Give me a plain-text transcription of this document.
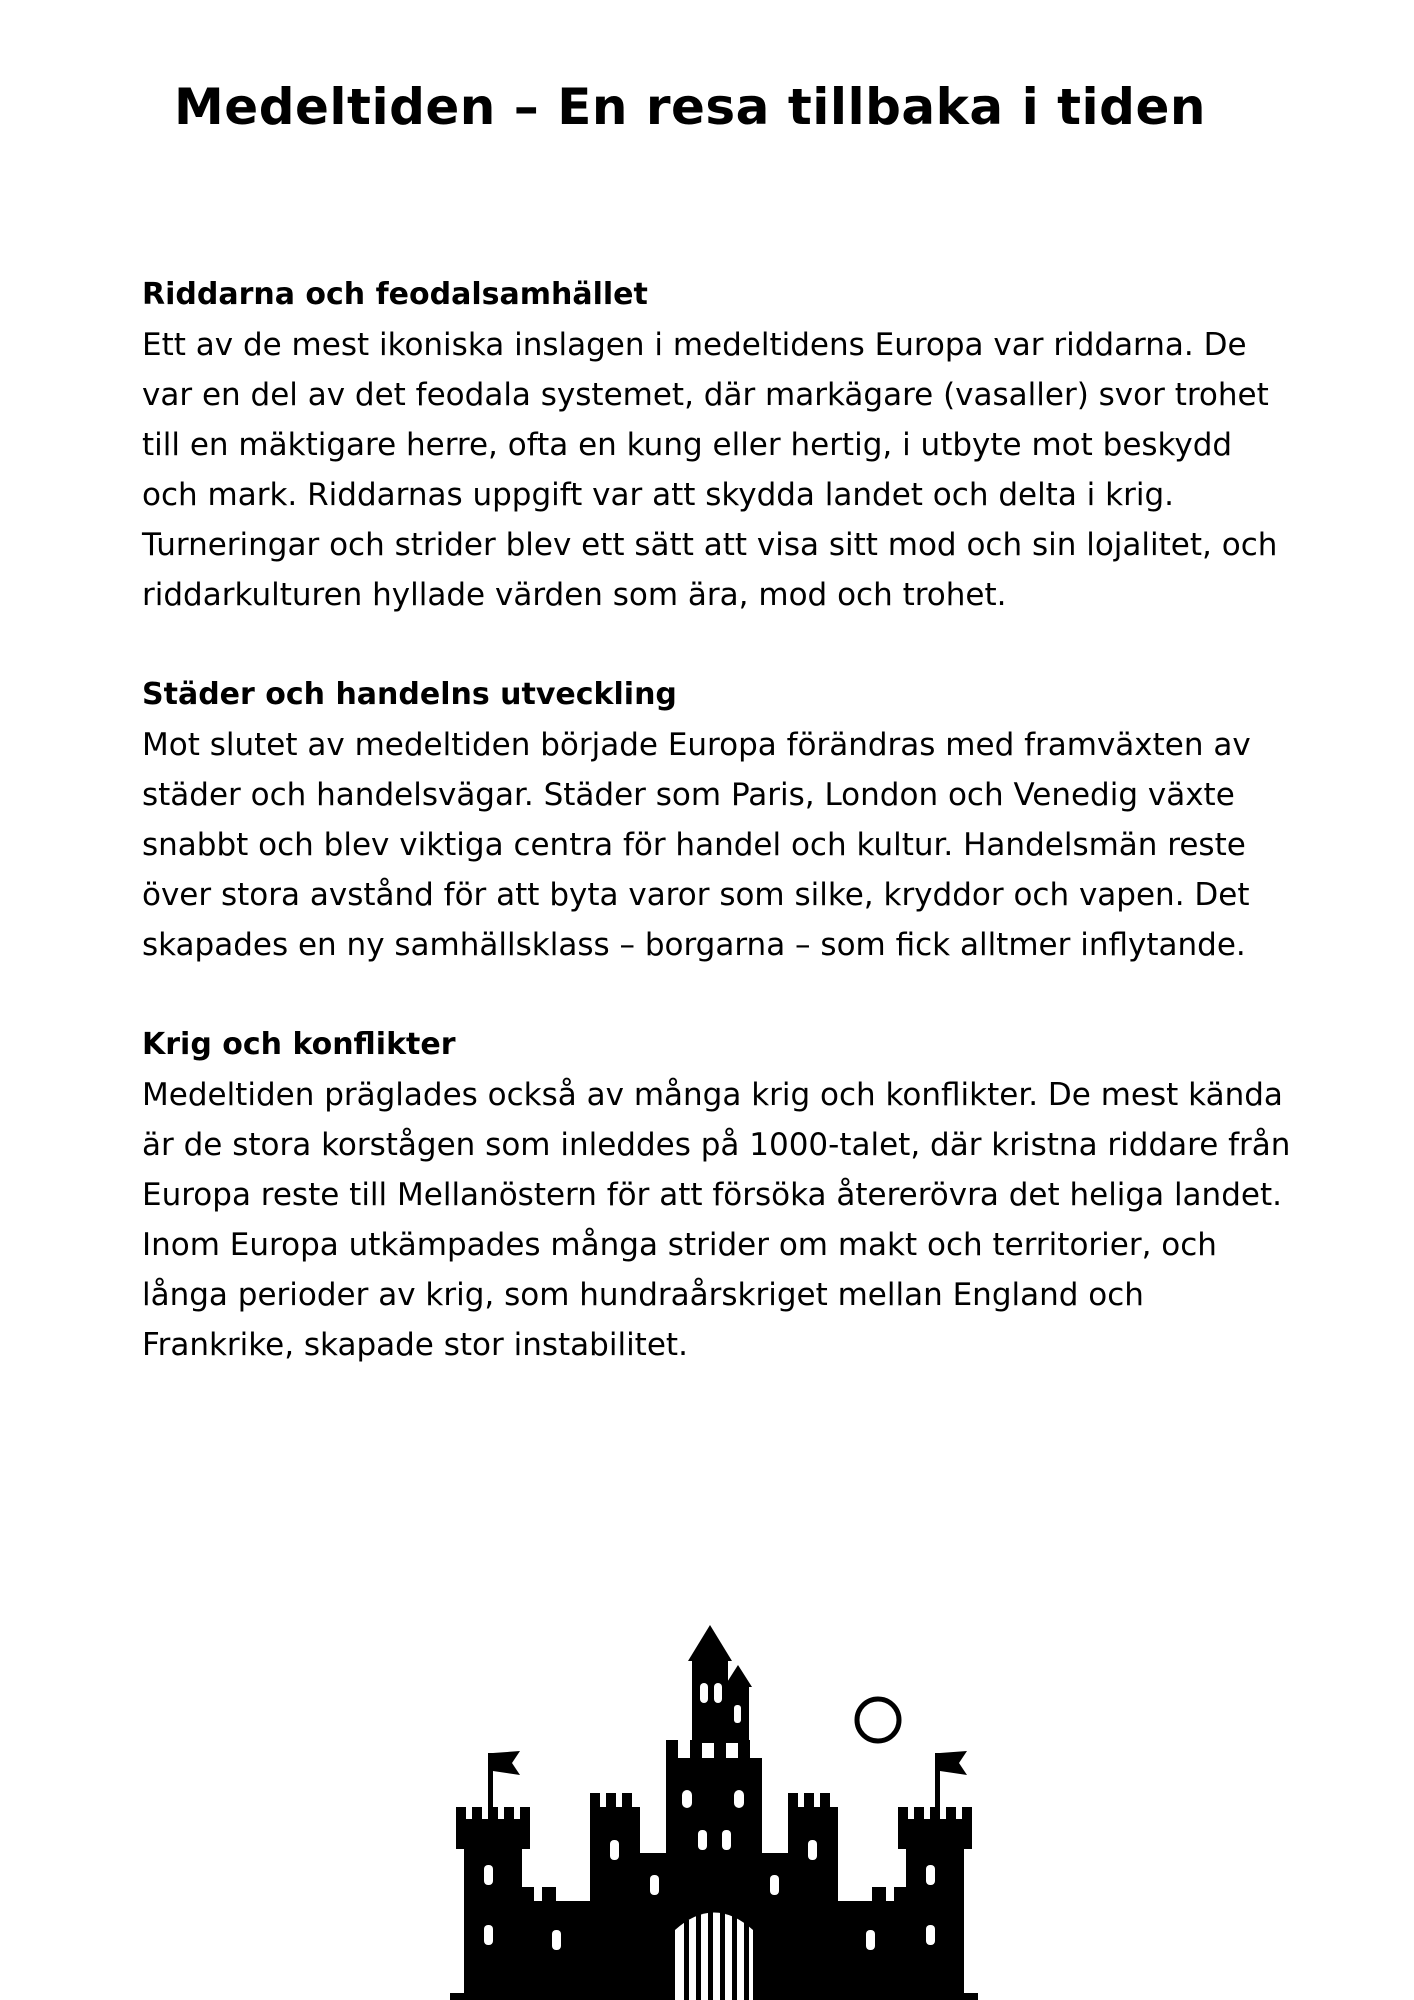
Medeltiden – En resa tillbaka i tiden

Riddarna och feodalsamhället

Ett av de mest ikoniska inslagen i medeltidens Europa var riddarna. De var en del av det feodala systemet, där markägare (vasaller) svor trohet till en mäktigare herre, ofta en kung eller hertig, i utbyte mot beskydd och mark. Riddarnas uppgift var att skydda landet och delta i krig. Turneringar och strider blev ett sätt att visa sitt mod och sin lojalitet, och riddarkulturen hyllade värden som ära, mod och trohet.

Städer och handelns utveckling

Mot slutet av medeltiden började Europa förändras med framväxten av städer och handelsvägar. Städer som Paris, London och Venedig växte snabbt och blev viktiga centra för handel och kultur. Handelsmän reste över stora avstånd för att byta varor som silke, kryddor och vapen. Det skapades en ny samhällsklass – borgarna – som fick alltmer inflytande.

Krig och konflikter

Medeltiden präglades också av många krig och konflikter. De mest kända är de stora korstågen som inleddes på 1000-talet, där kristna riddare från Europa reste till Mellanöstern för att försöka återerövra det heliga landet. Inom Europa utkämpades många strider om makt och territorier, och långa perioder av krig, som hundraårskriget mellan England och Frankrike, skapade stor instabilitet.
